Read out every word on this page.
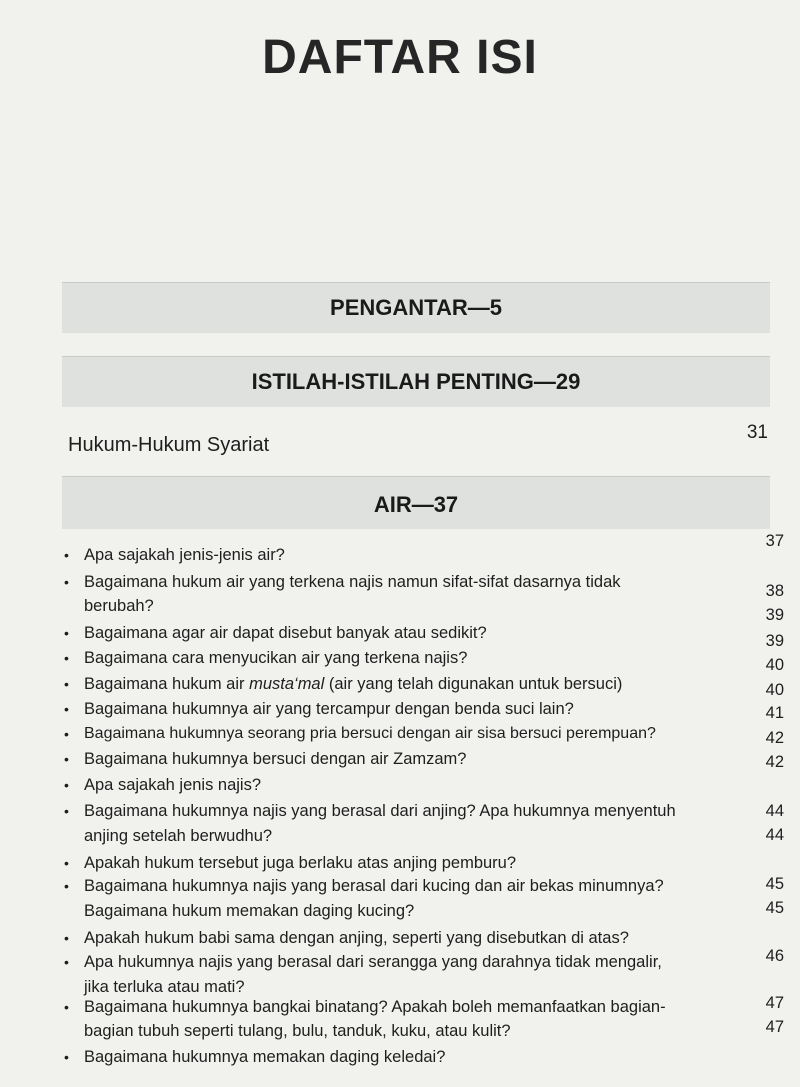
DAFTAR ISI
PENGANTAR—5
ISTILAH-ISTILAH PENTING—29
Hukum-Hukum Syariat
31
AIR—37
• Apa sajakah jenis-jenis air?
• Bagaimana hukum air yang terkena najis namun sifat-sifat dasarnya tidak
berubah?
• Bagaimana agar air dapat disebut banyak atau sedikit?
• Bagaimana cara menyucikan air yang terkena najis?
• Bagaimana hukum air musta‘mal (air yang telah digunakan untuk bersuci)
• Bagaimana hukumnya air yang tercampur dengan benda suci lain?
• Bagaimana hukumnya seorang pria bersuci dengan air sisa bersuci perempuan?
• Bagaimana hukumnya bersuci dengan air Zamzam?
• Apa sajakah jenis najis?
• Bagaimana hukumnya najis yang berasal dari anjing? Apa hukumnya menyentuh
anjing setelah berwudhu?
• Apakah hukum tersebut juga berlaku atas anjing pemburu?
• Bagaimana hukumnya najis yang berasal dari kucing dan air bekas minumnya?
Bagaimana hukum memakan daging kucing?
• Apakah hukum babi sama dengan anjing, seperti yang disebutkan di atas?
• Apa hukumnya najis yang berasal dari serangga yang darahnya tidak mengalir,
jika terluka atau mati?
• Bagaimana hukumnya bangkai binatang? Apakah boleh memanfaatkan bagian-
bagian tubuh seperti tulang, bulu, tanduk, kuku, atau kulit?
• Bagaimana hukumnya memakan daging keledai?
37
38
39
39
40
40
41
42
42
44
44
45
45
46
47
47
